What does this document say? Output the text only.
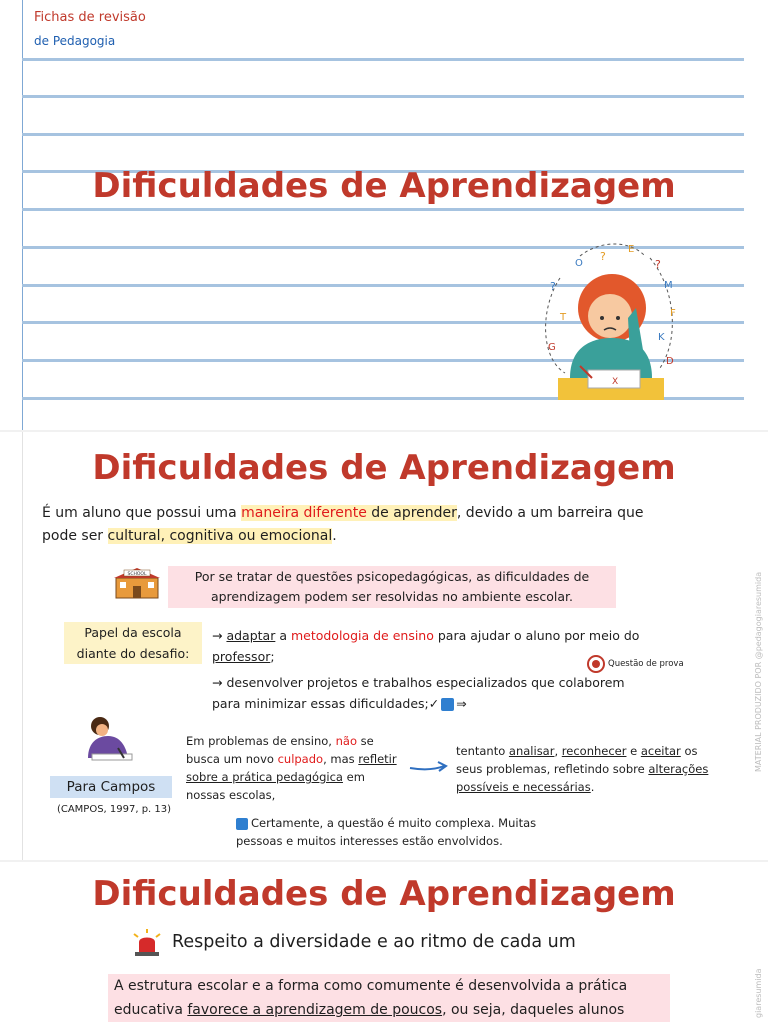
Fichas de revisão
de Pedagogia
Dificuldades de Aprendizagem
O
?
E
?
M
?
T	F
K
G
D
X
Dificuldades de Aprendizagem
É um aluno que possui uma maneira diferente de aprender, devido a um barreira que
pode ser cultural, cognitiva ou emocional.
SCHOOL	Por se tratar de questões psicopedagógicas, as dificuldades de aprendizagem podem ser resolvidas no ambiente escolar.
Papel da escola diante do desafio:
→ adaptar a metodologia de ensino para ajudar o aluno por meio do professor;	Questão de prova
→ desenvolver projetos e trabalhos especializados que colaborem para minimizar essas dificuldades;✓ ⇒
Em problemas de ensino, não se busca um novo culpado, mas refletir sobre a prática pedagógica em nossas escolas,
tentanto analisar, reconhecer e aceitar os seus problemas, refletindo sobre alterações possíveis e necessárias.
Para Campos
(CAMPOS, 1997, p. 13)
Certamente, a questão é muito complexa. Muitas pessoas e muitos interesses estão envolvidos.
MATERIAL PRODUZIDO POR @pedagogiaresumida
Dificuldades de Aprendizagem
Respeito a diversidade e ao ritmo de cada um
A estrutura escolar e a forma como comumente é desenvolvida a prática educativa favorece a aprendizagem de poucos, ou seja, daqueles alunos	giaresumida
